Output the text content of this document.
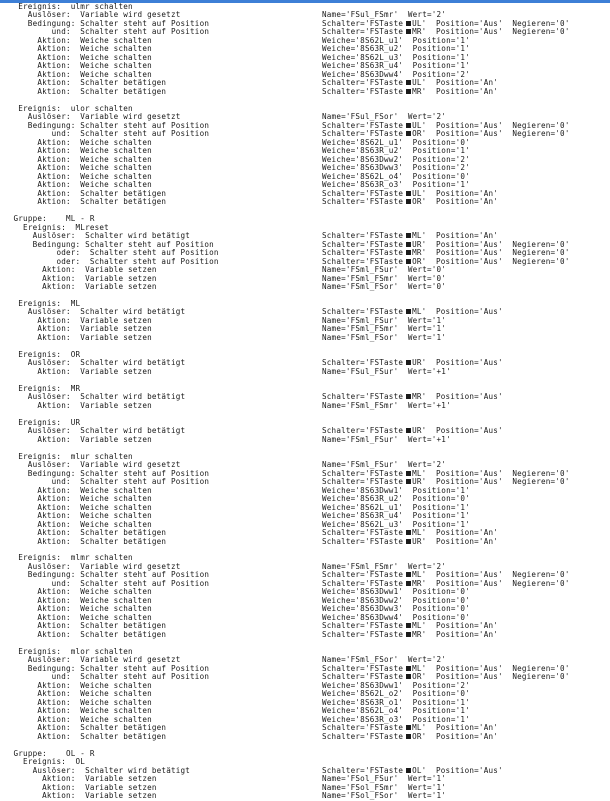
Ereignis:  ulmr schalten
Auslöser:  Variable wird gesetzt	Name='FSul_FSmr'  Wert='2'
Bedingung: Schalter steht auf Position	Schalter='FSTaste UL'  Position='Aus'  Negieren='0'
und:  Schalter steht auf Position	Schalter='FSTaste MR'  Position='Aus'  Negieren='0'
Aktion:  Weiche schalten	Weiche='8S62L_u1'  Position='1'
Aktion:  Weiche schalten	Weiche='8S63R_u2'  Position='1'
Aktion:  Weiche schalten	Weiche='8S62L_u3'  Position='1'
Aktion:  Weiche schalten	Weiche='8S63R_u4'  Position='1'
Aktion:  Weiche schalten	Weiche='8S63Dww4'  Position='2'
Aktion:  Schalter betätigen	Schalter='FSTaste UL'  Position='An'
Aktion:  Schalter betätigen	Schalter='FSTaste MR'  Position='An'
Ereignis:  ulor schalten
Auslöser:  Variable wird gesetzt	Name='FSul_FSor'  Wert='2'
Bedingung: Schalter steht auf Position	Schalter='FSTaste UL'  Position='Aus'  Negieren='0'
und:  Schalter steht auf Position	Schalter='FSTaste OR'  Position='Aus'  Negieren='0'
Aktion:  Weiche schalten	Weiche='8S62L_u1'  Position='0'
Aktion:  Weiche schalten	Weiche='8S63R_u2'  Position='1'
Aktion:  Weiche schalten	Weiche='8S63Dww2'  Position='2'
Aktion:  Weiche schalten	Weiche='8S63Dww3'  Position='2'
Aktion:  Weiche schalten	Weiche='8S62L_o4'  Position='0'
Aktion:  Weiche schalten	Weiche='8S63R_o3'  Position='1'
Aktion:  Schalter betätigen	Schalter='FSTaste UL'  Position='An'
Aktion:  Schalter betätigen	Schalter='FSTaste OR'  Position='An'
Gruppe:    ML - R
Ereignis:  MLreset
Auslöser:  Schalter wird betätigt	Schalter='FSTaste ML'  Position='An'
Bedingung: Schalter steht auf Position	Schalter='FSTaste UR'  Position='Aus'  Negieren='0'
oder:  Schalter steht auf Position	Schalter='FSTaste MR'  Position='Aus'  Negieren='0'
oder:  Schalter steht auf Position	Schalter='FSTaste OR'  Position='Aus'  Negieren='0'
Aktion:  Variable setzen	Name='FSml_FSur'  Wert='0'
Aktion:  Variable setzen	Name='FSml_FSmr'  Wert='0'
Aktion:  Variable setzen	Name='FSml_FSor'  Wert='0'
Ereignis:  ML
Auslöser:  Schalter wird betätigt	Schalter='FSTaste ML'  Position='Aus'
Aktion:  Variable setzen	Name='FSml_FSur'  Wert='1'
Aktion:  Variable setzen	Name='FSml_FSmr'  Wert='1'
Aktion:  Variable setzen	Name='FSml_FSor'  Wert='1'
Ereignis:  OR
Auslöser:  Schalter wird betätigt	Schalter='FSTaste UR'  Position='Aus'
Aktion:  Variable setzen	Name='FSul_FSur'  Wert='+1'
Ereignis:  MR
Auslöser:  Schalter wird betätigt	Schalter='FSTaste MR'  Position='Aus'
Aktion:  Variable setzen	Name='FSml_FSmr'  Wert='+1'
Ereignis:  UR
Auslöser:  Schalter wird betätigt	Schalter='FSTaste UR'  Position='Aus'
Aktion:  Variable setzen	Name='FSml_FSur'  Wert='+1'
Ereignis:  mlur schalten
Auslöser:  Variable wird gesetzt	Name='FSml_FSur'  Wert='2'
Bedingung: Schalter steht auf Position	Schalter='FSTaste ML'  Position='Aus'  Negieren='0'
und:  Schalter steht auf Position	Schalter='FSTaste UR'  Position='Aus'  Negieren='0'
Aktion:  Weiche schalten	Weiche='8S63Dww1'  Position='1'
Aktion:  Weiche schalten	Weiche='8S63R_u2'  Position='0'
Aktion:  Weiche schalten	Weiche='8S62L_u1'  Position='1'
Aktion:  Weiche schalten	Weiche='8S63R_u4'  Position='1'
Aktion:  Weiche schalten	Weiche='8S62L_u3'  Position='1'
Aktion:  Schalter betätigen	Schalter='FSTaste ML'  Position='An'
Aktion:  Schalter betätigen	Schalter='FSTaste UR'  Position='An'
Ereignis:  mlmr schalten
Auslöser:  Variable wird gesetzt	Name='FSml_FSmr'  Wert='2'
Bedingung: Schalter steht auf Position	Schalter='FSTaste ML'  Position='Aus'  Negieren='0'
und:  Schalter steht auf Position	Schalter='FSTaste MR'  Position='Aus'  Negieren='0'
Aktion:  Weiche schalten	Weiche='8S63Dww1'  Position='0'
Aktion:  Weiche schalten	Weiche='8S63Dww2'  Position='0'
Aktion:  Weiche schalten	Weiche='8S63Dww3'  Position='0'
Aktion:  Weiche schalten	Weiche='8S63Dww4'  Position='0'
Aktion:  Schalter betätigen	Schalter='FSTaste ML'  Position='An'
Aktion:  Schalter betätigen	Schalter='FSTaste MR'  Position='An'
Ereignis:  mlor schalten
Auslöser:  Variable wird gesetzt	Name='FSml_FSor'  Wert='2'
Bedingung: Schalter steht auf Position	Schalter='FSTaste ML'  Position='Aus'  Negieren='0'
und:  Schalter steht auf Position	Schalter='FSTaste OR'  Position='Aus'  Negieren='0'
Aktion:  Weiche schalten	Weiche='8S63Dww1'  Position='2'
Aktion:  Weiche schalten	Weiche='8S62L_o2'  Position='0'
Aktion:  Weiche schalten	Weiche='8S63R_o1'  Position='1'
Aktion:  Weiche schalten	Weiche='8S62L_o4'  Position='1'
Aktion:  Weiche schalten	Weiche='8S63R_o3'  Position='1'
Aktion:  Schalter betätigen	Schalter='FSTaste ML'  Position='An'
Aktion:  Schalter betätigen	Schalter='FSTaste OR'  Position='An'
Gruppe:    OL - R
Ereignis:  OL
Auslöser:  Schalter wird betätigt	Schalter='FSTaste OL'  Position='Aus'
Aktion:  Variable setzen	Name='FSol_FSur'  Wert='1'
Aktion:  Variable setzen	Name='FSol_FSmr'  Wert='1'
Aktion:  Variable setzen	Name='FSol_FSor'  Wert='1'
